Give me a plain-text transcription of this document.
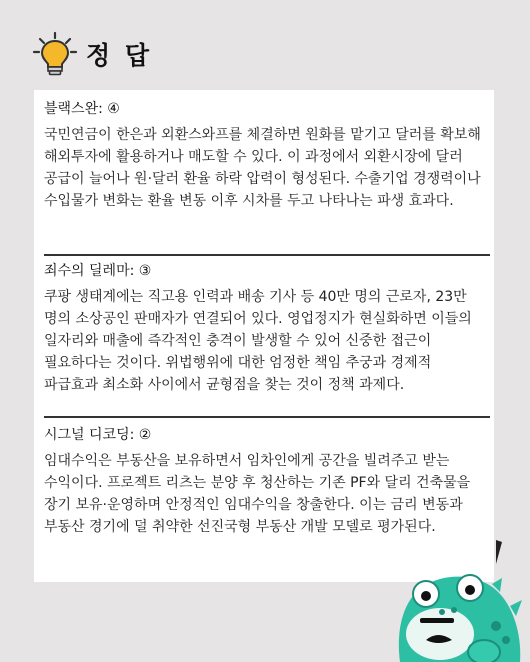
정 답
블랙스완: ④

국민연금이 한은과 외환스와프를 체결하면 원화를 맡기고 달러를 확보해 해외투자에 활용하거나 매도할 수 있다. 이 과정에서 외환시장에 달러 공급이 늘어나 원·달러 환율 하락 압력이 형성된다. 수출기업 경쟁력이나 수입물가 변화는 환율 변동 이후 시차를 두고 나타나는 파생 효과다.

죄수의 딜레마: ③

쿠팡 생태계에는 직고용 인력과 배송 기사 등 40만 명의 근로자, 23만 명의 소상공인 판매자가 연결되어 있다. 영업정지가 현실화하면 이들의 일자리와 매출에 즉각적인 충격이 발생할 수 있어 신중한 접근이 필요하다는 것이다. 위법행위에 대한 엄정한 책임 추궁과 경제적 파급효과 최소화 사이에서 균형점을 찾는 것이 정책 과제다.

시그널 디코딩: ②

임대수익은 부동산을 보유하면서 임차인에게 공간을 빌려주고 받는 수익이다. 프로젝트 리츠는 분양 후 청산하는 기존 PF와 달리 건축물을 장기 보유·운영하며 안정적인 임대수익을 창출한다. 이는 금리 변동과 부동산 경기에 덜 취약한 선진국형 부동산 개발 모델로 평가된다.
